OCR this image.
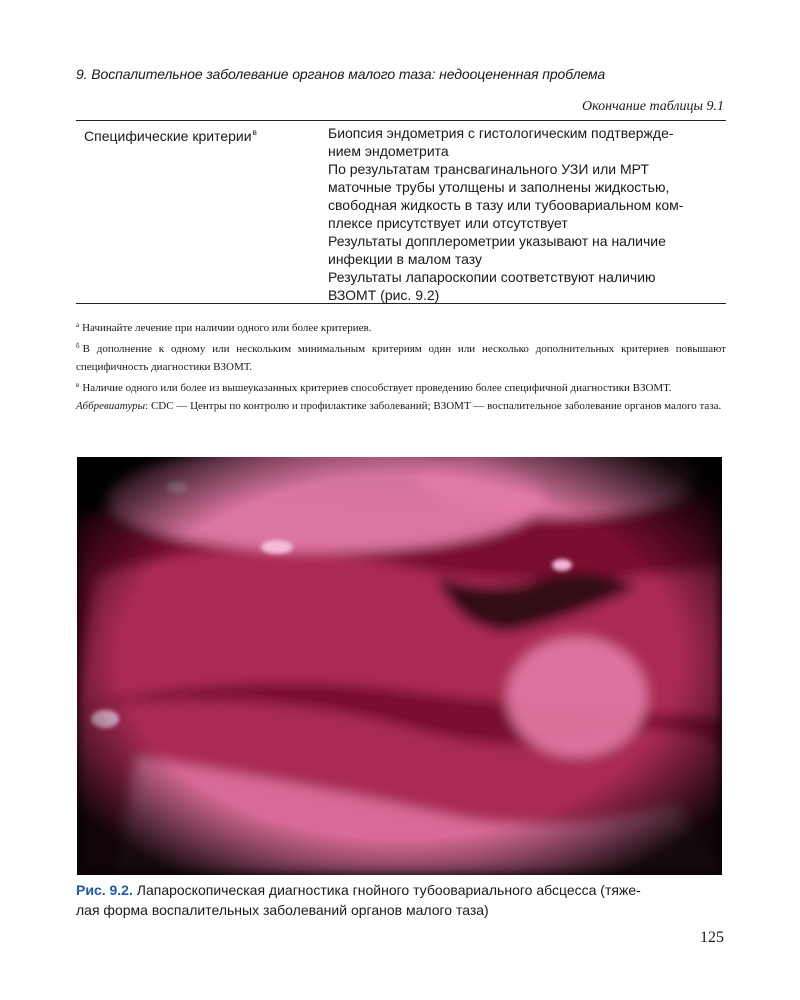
9. Воспалительное заболевание органов малого таза: недооцененная проблема
Окончание таблицы 9.1
Специфические критерии$^в$	Биопсия эндометрия с гистологическим подтвержде-
нием эндометрита
По результатам трансвагинального УЗИ или МРТ
маточные трубы утолщены и заполнены жидкостью,
свободная жидкость в тазу или тубоовариальном ком-
плексе присутствует или отсутствует
Результаты допплерометрии указывают на наличие
инфекции в малом тазу
Результаты лапароскопии соответствуют наличию
ВЗОМТ (рис. 9.2)

$^а$ Начинайте лечение при наличии одного или более критериев.

$^б$ В дополнение к одному или нескольким минимальным критериям один или несколько дополнительных критериев повышают специфичность диагностики ВЗОМТ.

$^в$ Наличие одного или более из вышеуказанных критериев способствует проведению более специфичной диагностики ВЗОМТ.

Аббревиатуры: CDC — Центры по контролю и профилактике заболеваний; ВЗОМТ — воспалительное заболевание органов малого таза.

Рис. 9.2. Лапароскопическая диагностика гнойного тубоовариального абсцесса (тяже-
лая форма воспалительных заболеваний органов малого таза)
125
